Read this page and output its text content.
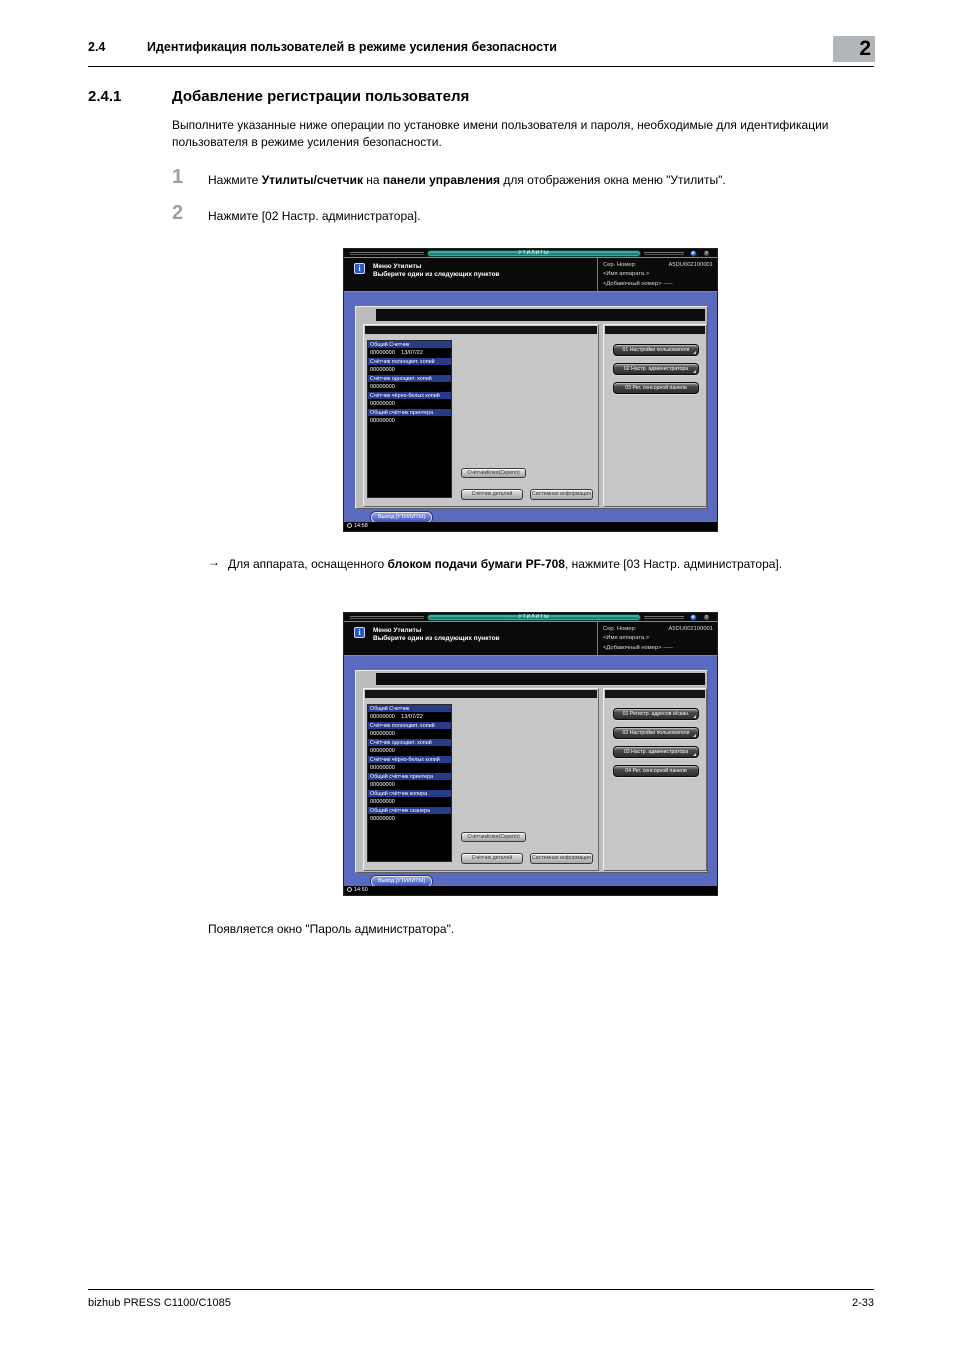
2.4	Идентификация пользователей в режиме усиления безопасности	2
2.4.1	Добавление регистрации пользователя
Выполните указанные ниже операции по установке имени пользователя и пароля, необходимые для идентификации пользователя в режиме усиления безопасности.
1 Нажмите Утилиты/счетчик на панели управления для отображения окна меню "Утилиты".
2 Нажмите [02 Настр. администратора].
→ Для аппарата, оснащенного блоком подачи бумаги PF-708, нажмите [03 Настр. администратора].
Появляется окно "Пароль администратора".
bizhub PRESS C1100/C1085	2-33
УТИЛИТЫ	?
i	Меню Утилиты
Выберите один из следующих пунктов
Сер. Номер:	A5DU002100001
<Имя аппарата.>
<Добавочный номер> -----
Общий Счетчик
00000000    13/07/22
Счётчик полноцвет. копий
00000000
Счётчик одноцвет. копий
00000000
Счётчик чёрно-белых копий
00000000
Общий счётчик принтера
00000000
СчётчикКлея(Скрепл)
Счётчик деталей	Системная информация
01 Настройки пользователя
02 Настр. администратора
03 Рег. сенсорной панели
Выход [УТИЛИТЫ]
14:58
УТИЛИТЫ	?
i	Меню Утилиты
Выберите один из следующих пунктов
Сер. Номер:	A5DU002100001
<Имя аппарата.>
<Добавочный номер> -----
Общий Счетчик
00000000    13/07/22
Счётчик полноцвет. копий
00000000
Счётчик одноцвет. копий
00000000
Счётчик чёрно-белых копий
00000000
Общий счётчик принтера
00000000
Общий счётчик копира
00000000
Общий счётчик сканера
00000000
СчётчикКлея(Скрепл)
Счётчик деталей	Системная информация
01 Регистр. адресов и/скан.
02 Настройки пользователя
03 Настр. администратора
04 Рег. сенсорной панели
Выход [УТИЛИТЫ]
14:50
